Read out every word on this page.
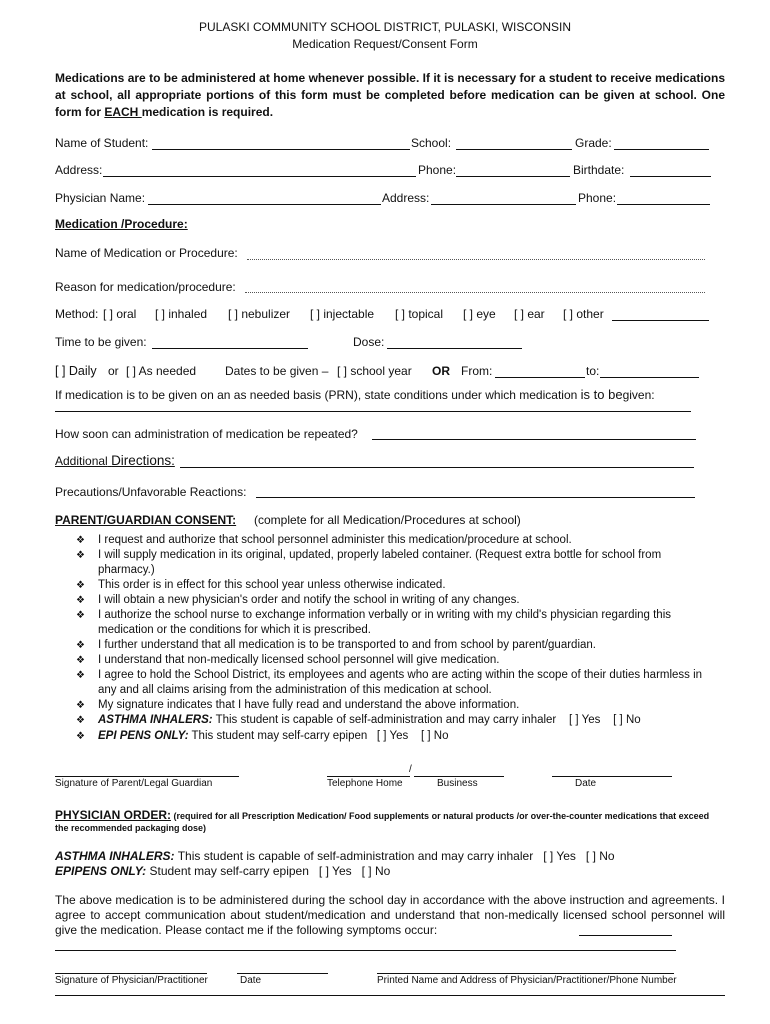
PULASKI COMMUNITY SCHOOL DISTRICT, PULASKI, WISCONSIN
Medication Request/Consent Form
Medications are to be administered at home whenever possible. If it is necessary for a student to receive medications at school, all appropriate portions of this form must be completed before medication can be given at school. One form for EACH medication is required.
Name of Student:	School:	Grade:
Address:	Phone:	Birthdate:
Physician Name:	Address:	Phone:
Medication /Procedure:
Name of Medication or Procedure:
Reason for medication/procedure:
Method: [ ] oral [ ] inhaled [ ] nebulizer [ ] injectable [ ] topical [ ] eye [ ] ear [ ] other
Time to be given:	Dose:
[ ] Daily or [ ] As needed Dates to be given – [ ] school year OR From:	to:
If medication is to be given on an as needed basis (PRN), state conditions under which medication is to begiven:
How soon can administration of medication be repeated?
Additional Directions:
Precautions/Unfavorable Reactions:
PARENT/GUARDIAN CONSENT: (complete for all Medication/Procedures at school)
❖	I request and authorize that school personnel administer this medication/procedure at school.
❖	I will supply medication in its original, updated, properly labeled container. (Request extra bottle for school from pharmacy.)
❖	This order is in effect for this school year unless otherwise indicated.
❖	I will obtain a new physician's order and notify the school in writing of any changes.
❖	I authorize the school nurse to exchange information verbally or in writing with my child's physician regarding this medication or the conditions for which it is prescribed.
❖	I further understand that all medication is to be transported to and from school by parent/guardian.
❖	I understand that non-medically licensed school personnel will give medication.
❖	I agree to hold the School District, its employees and agents who are acting within the scope of their duties harmless in any and all claims arising from the administration of this medication at school.
❖	My signature indicates that I have fully read and understand the above information.
❖	ASTHMA INHALERS: This student is capable of self-administration and may carry inhaler [ ] Yes [ ] No
❖	EPI PENS ONLY: This student may self-carry epipen [ ] Yes [ ] No
/
Signature of Parent/Legal Guardian	Telephone Home	Business	Date
PHYSICIAN ORDER: (required for all Prescription Medication/ Food supplements or natural products /or over-the-counter medications that exceed the recommended packaging dose)
ASTHMA INHALERS: This student is capable of self-administration and may carry inhaler [ ] Yes [ ] No
EPIPENS ONLY: Student may self-carry epipen [ ] Yes [ ] No
The above medication is to be administered during the school day in accordance with the above instruction and agreements. I agree to accept communication about student/medication and understand that non-medically licensed school personnel will give the medication. Please contact me if the following symptoms occur:
Signature of Physician/Practitioner	Date	Printed Name and Address of Physician/Practitioner/Phone Number
